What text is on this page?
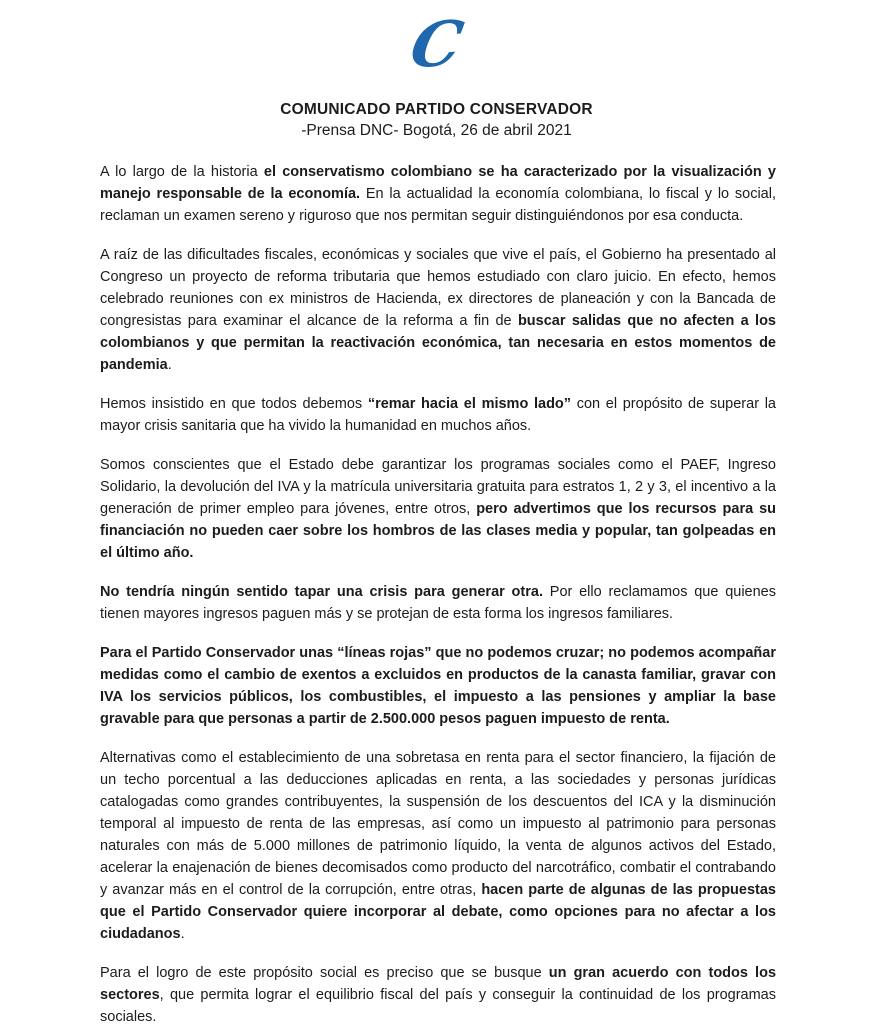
C
COMUNICADO PARTIDO CONSERVADOR
-Prensa DNC- Bogotá, 26 de abril 2021

A lo largo de la historia el conservatismo colombiano se ha caracterizado por la visualización y manejo responsable de la economía. En la actualidad la economía colombiana, lo fiscal y lo social, reclaman un examen sereno y riguroso que nos permitan seguir distinguiéndonos por esa conducta.

A raíz de las dificultades fiscales, económicas y sociales que vive el país, el Gobierno ha presentado al Congreso un proyecto de reforma tributaria que hemos estudiado con claro juicio. En efecto, hemos celebrado reuniones con ex ministros de Hacienda, ex directores de planeación y con la Bancada de congresistas para examinar el alcance de la reforma a fin de buscar salidas que no afecten a los colombianos y que permitan la reactivación económica, tan necesaria en estos momentos de pandemia.

Hemos insistido en que todos debemos “remar hacia el mismo lado” con el propósito de superar la mayor crisis sanitaria que ha vivido la humanidad en muchos años.

Somos conscientes que el Estado debe garantizar los programas sociales como el PAEF, Ingreso Solidario, la devolución del IVA y la matrícula universitaria gratuita para estratos 1, 2 y 3, el incentivo a la generación de primer empleo para jóvenes, entre otros, pero advertimos que los recursos para su financiación no pueden caer sobre los hombros de las clases media y popular, tan golpeadas en el último año.

No tendría ningún sentido tapar una crisis para generar otra. Por ello reclamamos que quienes tienen mayores ingresos paguen más y se protejan de esta forma los ingresos familiares.

Para el Partido Conservador unas “líneas rojas” que no podemos cruzar; no podemos acompañar medidas como el cambio de exentos a excluidos en productos de la canasta familiar, gravar con IVA los servicios públicos, los combustibles, el impuesto a las pensiones y ampliar la base gravable para que personas a partir de 2.500.000 pesos paguen impuesto de renta.

Alternativas como el establecimiento de una sobretasa en renta para el sector financiero, la fijación de un techo porcentual a las deducciones aplicadas en renta, a las sociedades y personas jurídicas catalogadas como grandes contribuyentes, la suspensión de los descuentos del ICA y la disminución temporal al impuesto de renta de las empresas, así como un impuesto al patrimonio para personas naturales con más de 5.000 millones de patrimonio líquido, la venta de algunos activos del Estado, acelerar la enajenación de bienes decomisados como producto del narcotráfico, combatir el contrabando y avanzar más en el control de la corrupción, entre otras, hacen parte de algunas de las propuestas que el Partido Conservador quiere incorporar al debate, como opciones para no afectar a los ciudadanos.

Para el logro de este propósito social es preciso que se busque un gran acuerdo con todos los sectores, que permita lograr el equilibrio fiscal del país y conseguir la continuidad de los programas sociales.
